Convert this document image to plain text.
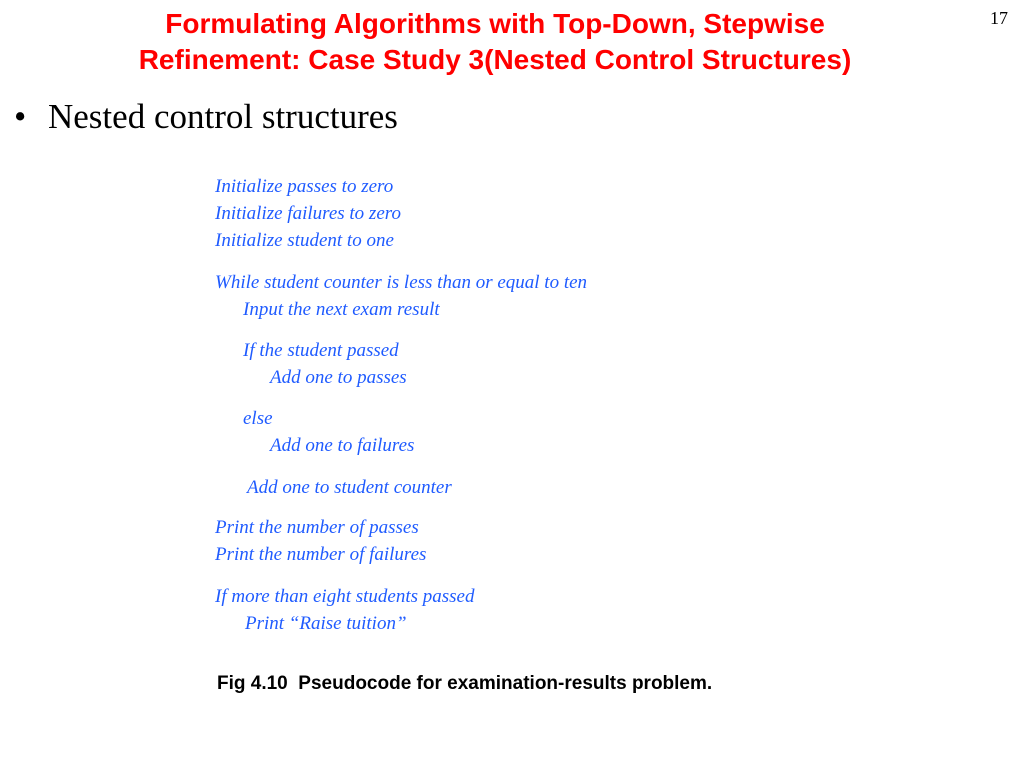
Formulating Algorithms with Top-Down, Stepwise
Refinement: Case Study 3(Nested Control Structures)
17
• Nested control structures
Initialize passes to zero
Initialize failures to zero
Initialize student to one
While student counter is less than or equal to ten
Input the next exam result
If the student passed
Add one to passes
else
Add one to failures
Add one to student counter
Print the number of passes
Print the number of failures
If more than eight students passed
Print “Raise tuition”
Fig 4.10  Pseudocode for examination-results problem.
